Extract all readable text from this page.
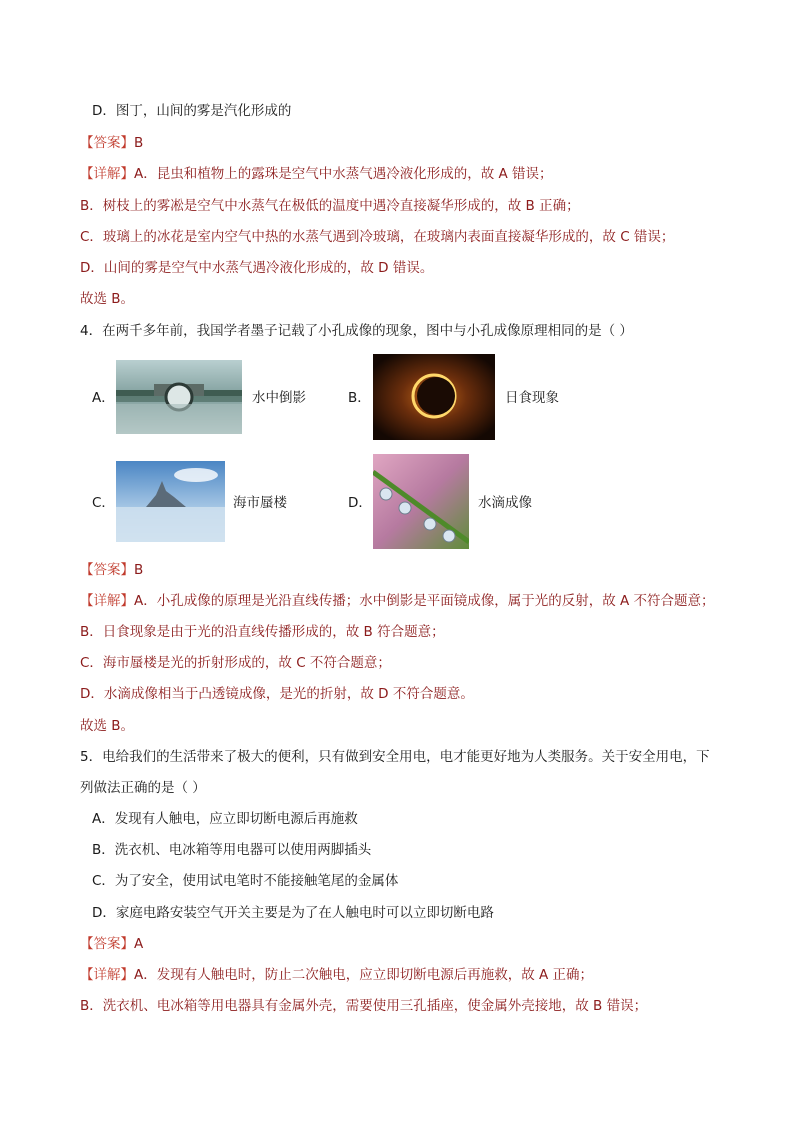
D．图丁，山间的雾是汽化形成的
【答案】B
【详解】A．昆虫和植物上的露珠是空气中水蒸气遇冷液化形成的，故 A 错误；
B．树枝上的雾凇是空气中水蒸气在极低的温度中遇冷直接凝华形成的，故 B 正确；
C．玻璃上的冰花是室内空气中热的水蒸气遇到冷玻璃，在玻璃内表面直接凝华形成的，故 C 错误；
D．山间的雾是空气中水蒸气遇冷液化形成的，故 D 错误。
故选 B。
4．在两千多年前，我国学者墨子记载了小孔成像的现象，图中与小孔成像原理相同的是（ ）
A．	水中倒影	B．	日食现象
C．	海市蜃楼	D．	水滴成像
【答案】B
【详解】A．小孔成像的原理是光沿直线传播；水中倒影是平面镜成像，属于光的反射，故 A 不符合题意；
B．日食现象是由于光的沿直线传播形成的，故 B 符合题意；
C．海市蜃楼是光的折射形成的，故 C 不符合题意；
D．水滴成像相当于凸透镜成像，是光的折射，故 D 不符合题意。
故选 B。
5．电给我们的生活带来了极大的便利，只有做到安全用电，电才能更好地为人类服务。关于安全用电，下
列做法正确的是（ ）
A．发现有人触电，应立即切断电源后再施救
B．洗衣机、电冰箱等用电器可以使用两脚插头
C．为了安全，使用试电笔时不能接触笔尾的金属体
D．家庭电路安装空气开关主要是为了在人触电时可以立即切断电路
【答案】A
【详解】A．发现有人触电时，防止二次触电，应立即切断电源后再施救，故 A 正确；
B．洗衣机、电冰箱等用电器具有金属外壳，需要使用三孔插座，使金属外壳接地，故 B 错误；
